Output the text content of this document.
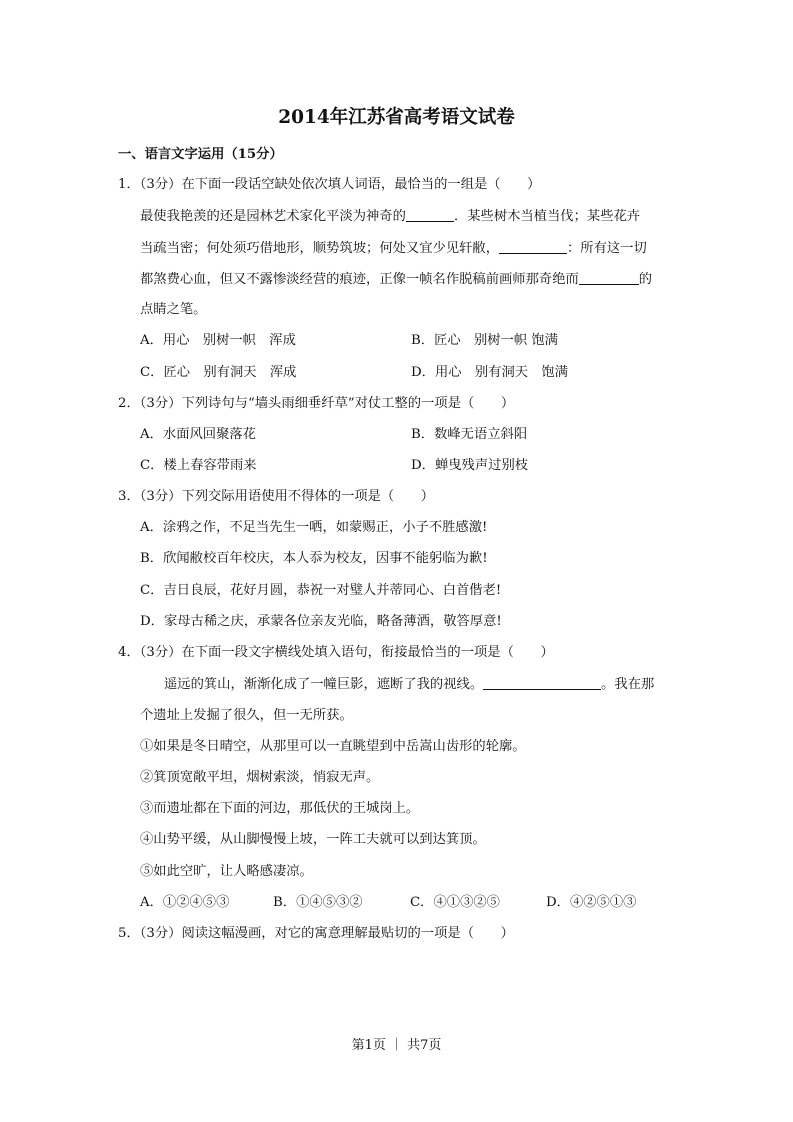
2014年江苏省高考语文试卷
一、语言文字运用（15分）
1．（3分）在下面一段话空缺处依次填人词语，最恰当的一组是（　　）
最使我艳羡的还是园林艺术家化平淡为神奇的	．某些树木当植当伐；某些花卉
当疏当密；何处须巧借地形，顺势筑坡；何处又宜少见轩敝，	：所有这一切
都煞费心血，但又不露惨淡经营的痕迹，正像一帧名作脱稿前画师那奇绝而	的
点睛之笔。
A．用心　别树一帜　浑成	B．匠心　别树一帜 饱满
C．匠心　别有洞天　浑成	D．用心　别有洞天　饱满
2．（3分）下列诗句与“墙头雨细垂纤草”对仗工整的一项是（　　）
A．水面风回聚落花	B．数峰无语立斜阳
C．楼上春容带雨来	D．蝉曳残声过别枝
3．（3分）下列交际用语使用不得体的一项是（　　）
A．涂鸦之作，不足当先生一哂，如蒙赐正，小子不胜感激!
B．欣闻敝校百年校庆，本人忝为校友，因事不能躬临为歉!
C．吉日良辰，花好月圆，恭祝一对璧人并蒂同心、白首偕老!
D．家母古稀之庆，承蒙各位亲友光临，略备薄酒，敬答厚意!
4．（3分）在下面一段文字横线处填入语句，衔接最恰当的一项是（　　）
遥远的箕山，渐渐化成了一幢巨影，遮断了我的视线。	。我在那
个遗址上发掘了很久，但一无所获。
①如果是冬日晴空，从那里可以一直眺望到中岳嵩山齿形的轮廓。
②箕顶宽敞平坦，烟树索淡，悄寂无声。
③而遗址都在下面的河边，那低伏的王城岗上。
④山势平缓，从山脚慢慢上坡，一阵工夫就可以到达箕顶。
⑤如此空旷，让人略感凄凉。
A．①②④⑤③	B．①④⑤③②	C．④①③②⑤	D．④②⑤①③
5．（3分）阅读这幅漫画，对它的寓意理解最贴切的一项是（　　）
第1页 ｜ 共7页
